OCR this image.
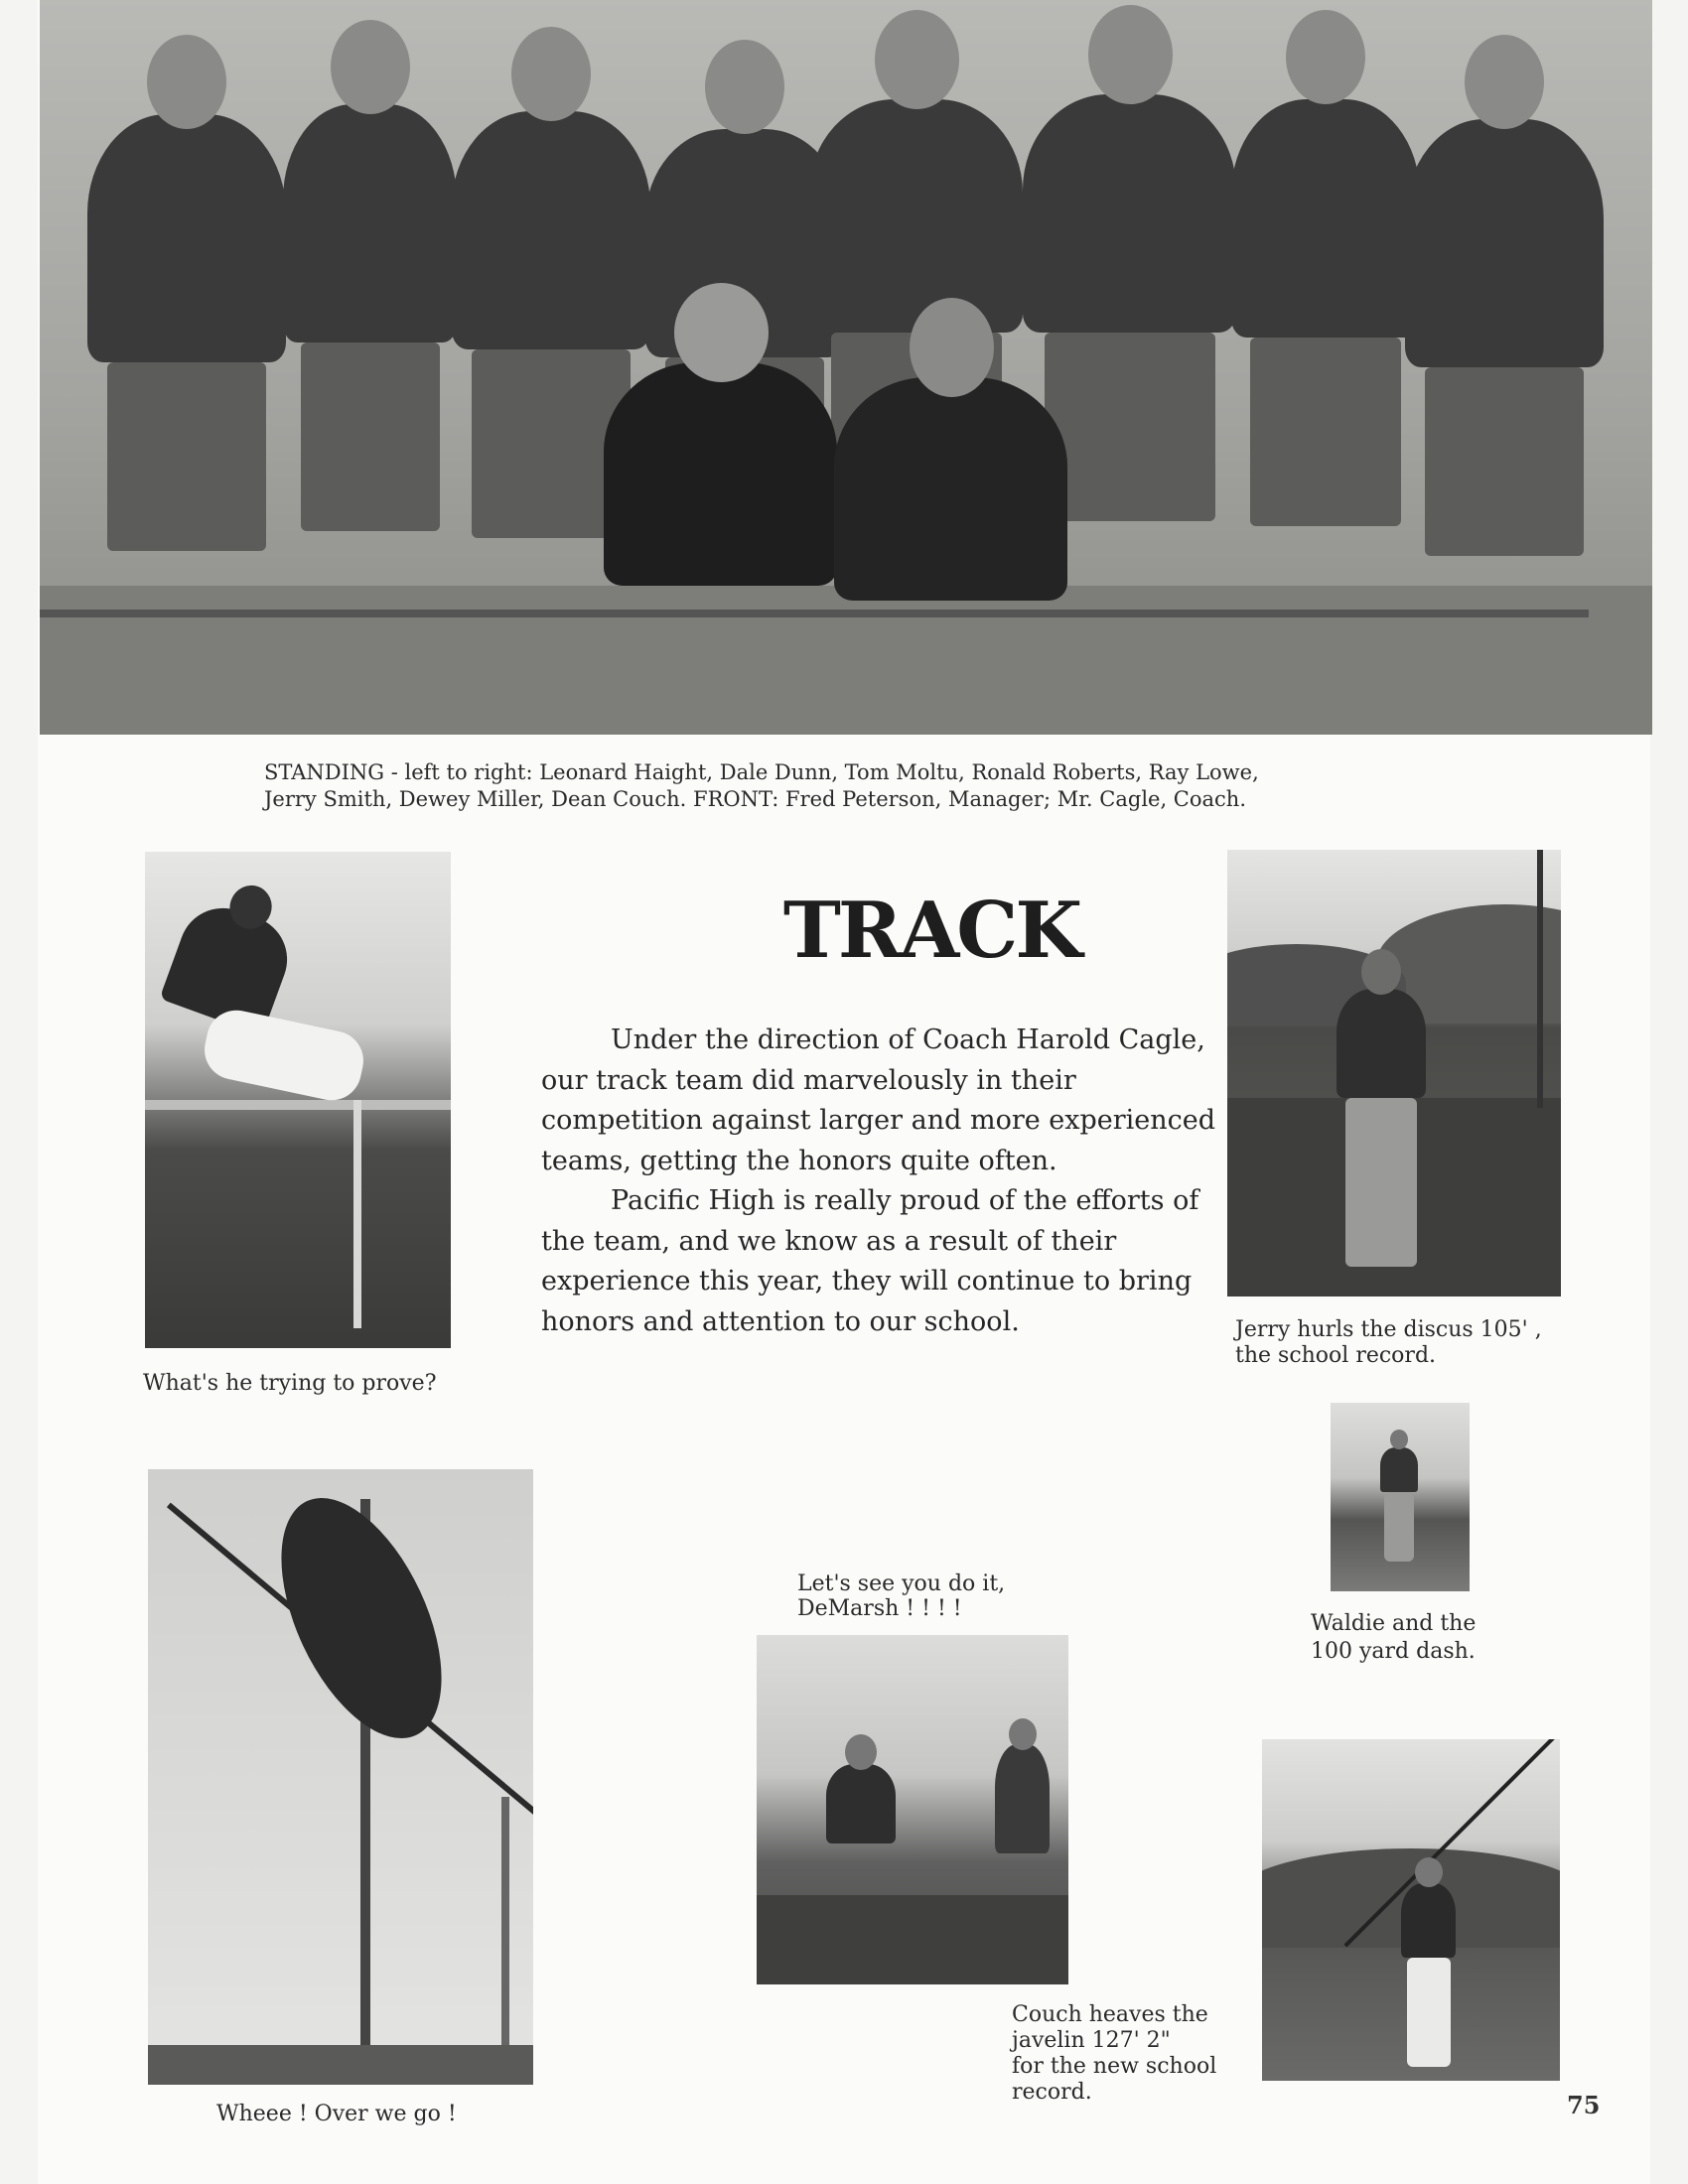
STANDING - left to right: Leonard Haight, Dale Dunn, Tom Moltu, Ronald Roberts, Ray Lowe,

Jerry Smith, Dewey Miller, Dean Couch. FRONT: Fred Peterson, Manager; Mr. Cagle, Coach.

What's he trying to prove?

TRACK

Under the direction of Coach Harold Cagle, our track team did marvelously in their competition against larger and more experienced teams, getting the honors quite often.

Pacific High is really proud of the efforts of the team, and we know as a result of their experience this year, they will continue to bring honors and attention to our school.	Jerry hurls the discus 105' ,

the school record.

Waldie and the

100 yard dash.

Wheee ! Over we go !

Let's see you do it,

DeMarsh ! ! ! !

Couch heaves the

javelin 127' 2"

for the new school

record.	75
